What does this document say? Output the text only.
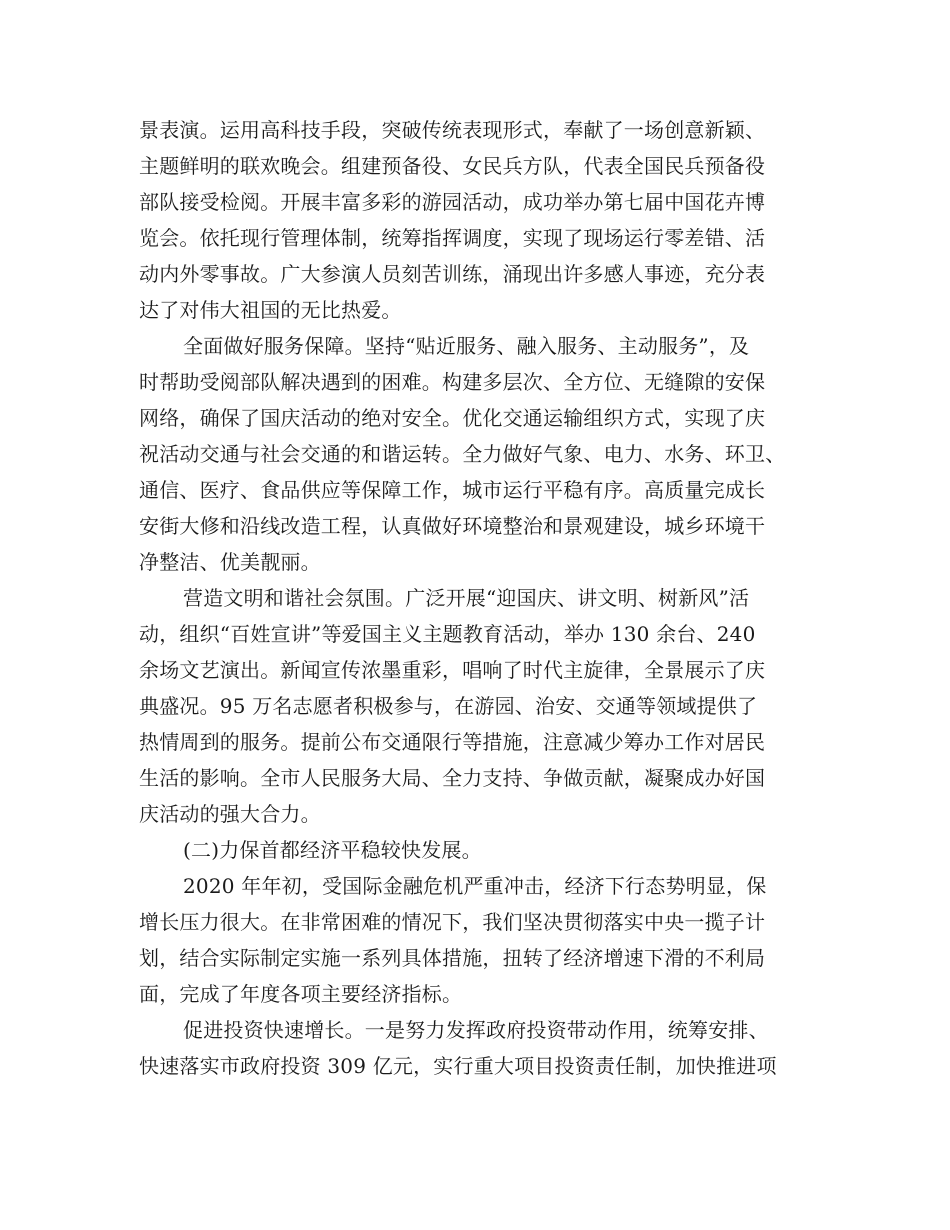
景表演。运用高科技手段，突破传统表现形式，奉献了一场创意新颖、

主题鲜明的联欢晚会。组建预备役、女民兵方队，代表全国民兵预备役

部队接受检阅。开展丰富多彩的游园活动，成功举办第七届中国花卉博

览会。依托现行管理体制，统筹指挥调度，实现了现场运行零差错、活

动内外零事故。广大参演人员刻苦训练，涌现出许多感人事迹，充分表

达了对伟大祖国的无比热爱。

全面做好服务保障。坚持“贴近服务、融入服务、主动服务”，及

时帮助受阅部队解决遇到的困难。构建多层次、全方位、无缝隙的安保

网络，确保了国庆活动的绝对安全。优化交通运输组织方式，实现了庆

祝活动交通与社会交通的和谐运转。全力做好气象、电力、水务、环卫、

通信、医疗、食品供应等保障工作，城市运行平稳有序。高质量完成长

安街大修和沿线改造工程，认真做好环境整治和景观建设，城乡环境干

净整洁、优美靓丽。

营造文明和谐社会氛围。广泛开展“迎国庆、讲文明、树新风”活

动，组织“百姓宣讲”等爱国主义主题教育活动，举办 130 余台、240

余场文艺演出。新闻宣传浓墨重彩，唱响了时代主旋律，全景展示了庆

典盛况。95 万名志愿者积极参与，在游园、治安、交通等领域提供了

热情周到的服务。提前公布交通限行等措施，注意减少筹办工作对居民

生活的影响。全市人民服务大局、全力支持、争做贡献，凝聚成办好国

庆活动的强大合力。

(二)力保首都经济平稳较快发展。

2020 年年初，受国际金融危机严重冲击，经济下行态势明显，保

增长压力很大。在非常困难的情况下，我们坚决贯彻落实中央一揽子计

划，结合实际制定实施一系列具体措施，扭转了经济增速下滑的不利局

面，完成了年度各项主要经济指标。

促进投资快速增长。一是努力发挥政府投资带动作用，统筹安排、

快速落实市政府投资 309 亿元，实行重大项目投资责任制，加快推进项
